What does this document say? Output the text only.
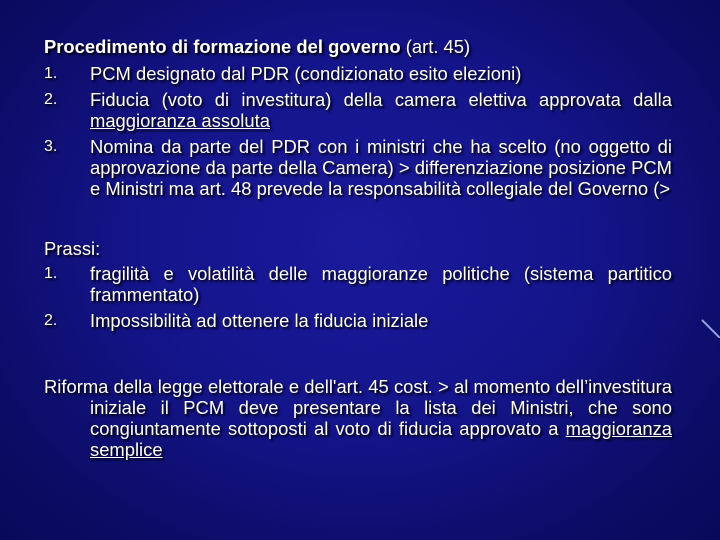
Procedimento di formazione del governo (art. 45)
1.	PCM designato dal PDR (condizionato esito elezioni)
2.	Fiducia (voto di investitura) della camera elettiva approvata dalla maggioranza assoluta
3.	Nomina da parte del PDR con i ministri che ha scelto (no oggetto di approvazione da parte della Camera) > differenziazione posizione PCM e Ministri ma art. 48 prevede la responsabilità collegiale del Governo (>
Prassi:
1.	fragilità e volatilità delle maggioranze politiche (sistema partitico frammentato)
2.	Impossibilità ad ottenere la fiducia iniziale
Riforma della legge elettorale e dell'art. 45 cost. > al momento dell’investitura iniziale il PCM deve presentare la lista dei Ministri, che sono congiuntamente sottoposti al voto di fiducia approvato a maggioranza semplice
